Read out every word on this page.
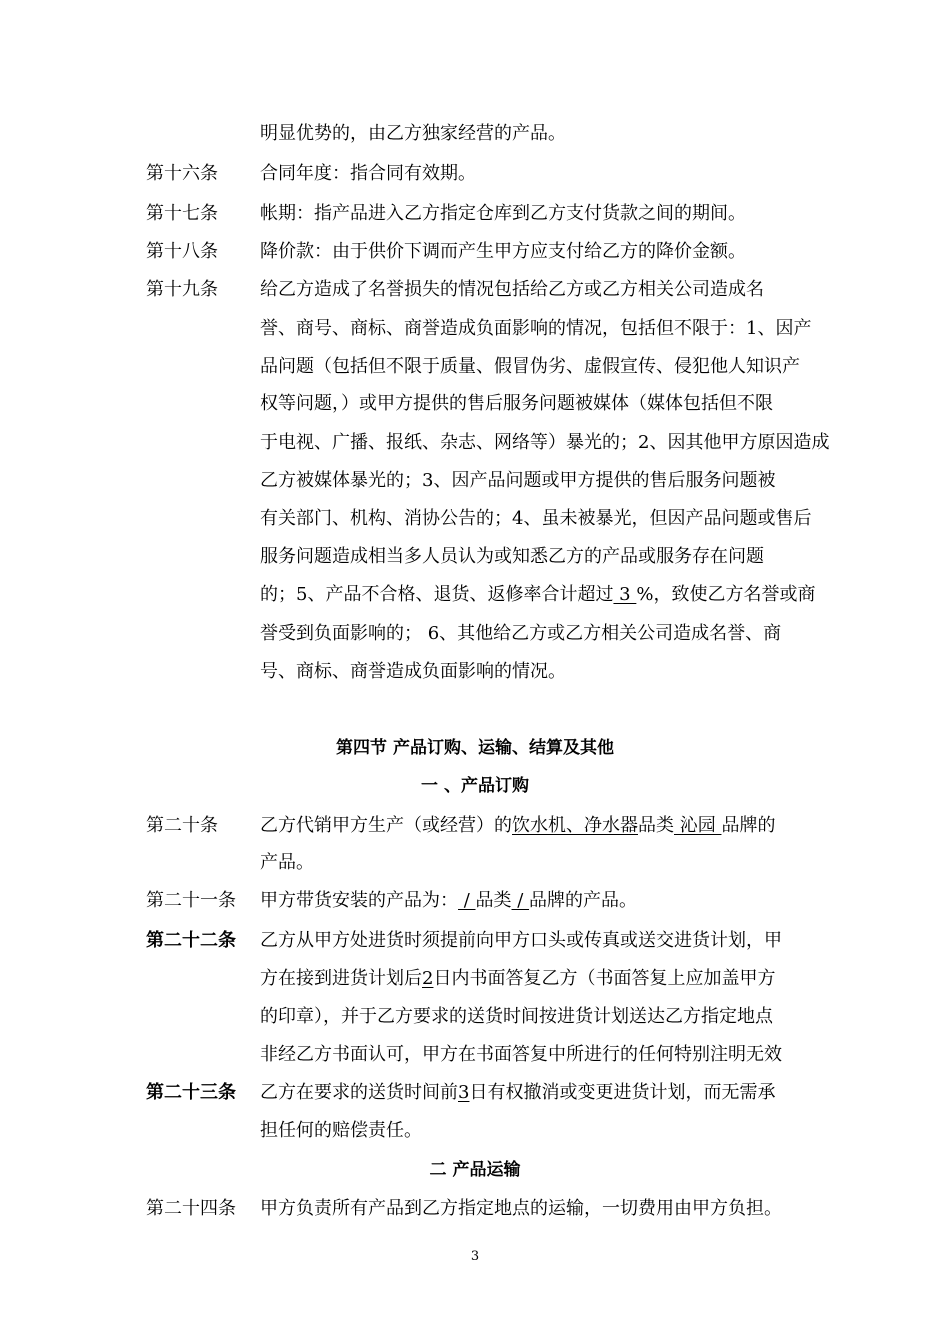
明显优势的，由乙方独家经营的产品。
第十六条 合同年度：指合同有效期。
第十七条 帐期：指产品进入乙方指定仓库到乙方支付货款之间的期间。
第十八条 降价款：由于供价下调而产生甲方应支付给乙方的降价金额。
第十九条 给乙方造成了名誉损失的情况包括给乙方或乙方相关公司造成名
誉、商号、商标、商誉造成负面影响的情况，包括但不限于：1、因产
品问题（包括但不限于质量、假冒伪劣、虚假宣传、侵犯他人知识产
权等问题，）或甲方提供的售后服务问题被媒体（媒体包括但不限
于电视、广播、报纸、杂志、网络等）暴光的；2、因其他甲方原因造成
乙方被媒体暴光的；3、因产品问题或甲方提供的售后服务问题被
有关部门、机构、消协公告的；4、虽未被暴光，但因产品问题或售后
服务问题造成相当多人员认为或知悉乙方的产品或服务存在问题
的；5、产品不合格、退货、返修率合计超过 3 %，致使乙方名誉或商
誉受到负面影响的； 6、其他给乙方或乙方相关公司造成名誉、商
号、商标、商誉造成负面影响的情况。
第四节 产品订购、运输、结算及其他
一 、产品订购
第二十条 乙方代销甲方生产（或经营）的饮水机、净水器品类 沁园 品牌的
产品。
第二十一条 甲方带货安装的产品为： / 品类 / 品牌的产品。
第二十二条 乙方从甲方处进货时须提前向甲方口头或传真或送交进货计划，甲
方在接到进货计划后2日内书面答复乙方（书面答复上应加盖甲方
的印章），并于乙方要求的送货时间按进货计划送达乙方指定地点
非经乙方书面认可，甲方在书面答复中所进行的任何特别注明无效
第二十三条 乙方在要求的送货时间前3日有权撤消或变更进货计划，而无需承
担任何的赔偿责任。
二 产品运输
第二十四条 甲方负责所有产品到乙方指定地点的运输，一切费用由甲方负担。
3
